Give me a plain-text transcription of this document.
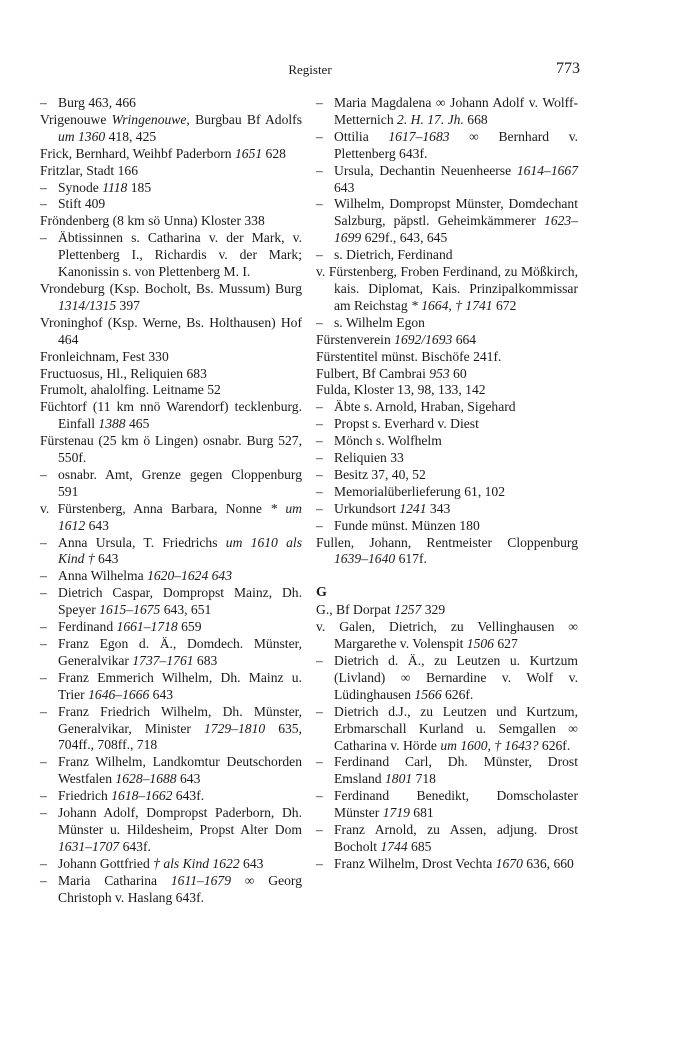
Register	773
– Burg 463, 466
Vrigenouwe Wringenouwe, Burgbau Bf Adolfs um 1360 418, 425
Frick, Bernhard, Weihbf Paderborn 1651 628
Fritzlar, Stadt 166
– Synode 1118 185
– Stift 409
Fröndenberg (8 km sö Unna) Kloster 338
– Äbtissinnen s. Catharina v. der Mark, v. Plettenberg I., Richardis v. der Mark; Kanonissin s. von Plettenberg M. I.
Vrondeburg (Ksp. Bocholt, Bs. Mussum) Burg 1314/1315 397
Vroninghof (Ksp. Werne, Bs. Holthausen) Hof 464
Fronleichnam, Fest 330
Fructuosus, Hl., Reliquien 683
Frumolt, ahalolfing. Leitname 52
Füchtorf (11 km nnö Warendorf) tecklenburg. Einfall 1388 465
Fürstenau (25 km ö Lingen) osnabr. Burg 527, 550f.
– osnabr. Amt, Grenze gegen Cloppenburg 591
v. Fürstenberg, Anna Barbara, Nonne * um 1612 643
– Anna Ursula, T. Friedrichs um 1610 als Kind † 643
– Anna Wilhelma 1620–1624 643
– Dietrich Caspar, Dompropst Mainz, Dh. Speyer 1615–1675 643, 651
– Ferdinand 1661–1718 659
– Franz Egon d. Ä., Domdech. Münster, Generalvikar 1737–1761 683
– Franz Emmerich Wilhelm, Dh. Mainz u. Trier 1646–1666 643
– Franz Friedrich Wilhelm, Dh. Münster, Generalvikar, Minister 1729–1810 635, 704ff., 708ff., 718
– Franz Wilhelm, Landkomtur Deutschorden Westfalen 1628–1688 643
– Friedrich 1618–1662 643f.
– Johann Adolf, Dompropst Paderborn, Dh. Münster u. Hildesheim, Propst Alter Dom 1631–1707 643f.
– Johann Gottfried † als Kind 1622 643
– Maria Catharina 1611–1679 ∞ Georg Christoph v. Haslang 643f.
– Maria Magdalena ∞ Johann Adolf v. Wolff-Metternich 2. H. 17. Jh. 668
– Ottilia 1617–1683 ∞ Bernhard v. Plettenberg 643f.
– Ursula, Dechantin Neuenheerse 1614–1667 643
– Wilhelm, Dompropst Münster, Domdechant Salzburg, päpstl. Geheimkämmerer 1623–1699 629f., 643, 645
– s. Dietrich, Ferdinand
v. Fürstenberg, Froben Ferdinand, zu Mößkirch, kais. Diplomat, Kais. Prinzipalkommissar am Reichstag * 1664, † 1741 672
– s. Wilhelm Egon
Fürstenverein 1692/1693 664
Fürstentitel münst. Bischöfe 241f.
Fulbert, Bf Cambrai 953 60
Fulda, Kloster 13, 98, 133, 142
– Äbte s. Arnold, Hraban, Sigehard
– Propst s. Everhard v. Diest
– Mönch s. Wolfhelm
– Reliquien 33
– Besitz 37, 40, 52
– Memorialüberlieferung 61, 102
– Urkundsort 1241 343
– Funde münst. Münzen 180
Fullen, Johann, Rentmeister Cloppenburg 1639–1640 617f.
G
G., Bf Dorpat 1257 329
v. Galen, Dietrich, zu Vellinghausen ∞ Margarethe v. Volenspit 1506 627
– Dietrich d. Ä., zu Leutzen u. Kurtzum (Livland) ∞ Bernardine v. Wolf v. Lüdinghausen 1566 626f.
– Dietrich d.J., zu Leutzen und Kurtzum, Erbmarschall Kurland u. Semgallen ∞ Catharina v. Hörde um 1600, † 1643? 626f.
– Ferdinand Carl, Dh. Münster, Drost Emsland 1801 718
– Ferdinand Benedikt, Domscholaster Münster 1719 681
– Franz Arnold, zu Assen, adjung. Drost Bocholt 1744 685
– Franz Wilhelm, Drost Vechta 1670 636, 660
